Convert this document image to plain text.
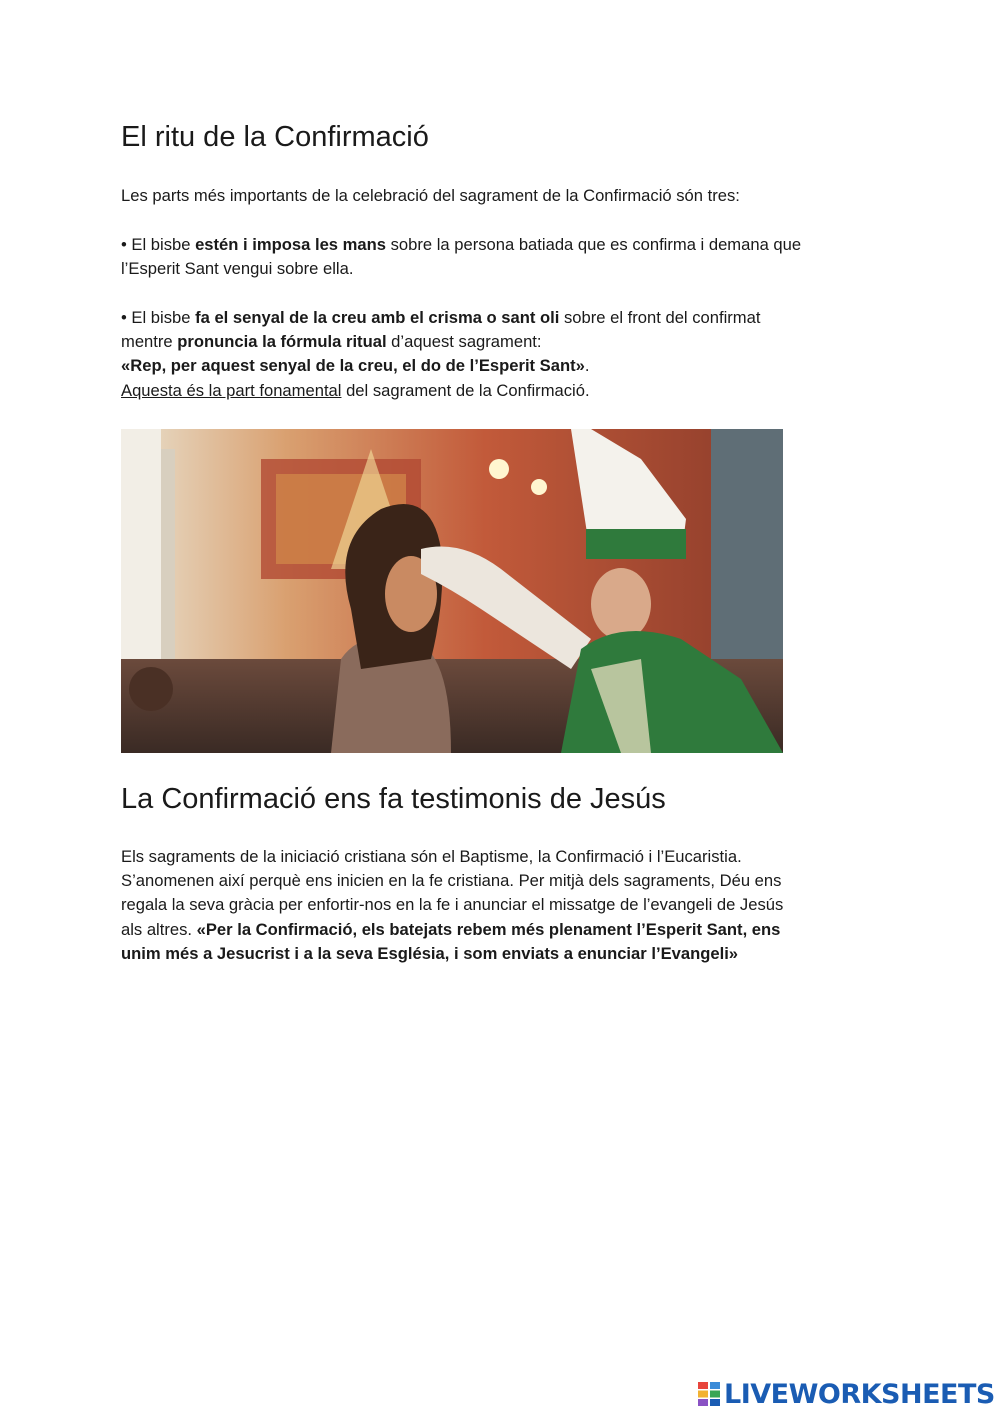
El ritu de la Confirmació

Les parts més importants de la celebració del sagrament de la Confirmació són tres:

• El bisbe estén i imposa les mans sobre la persona batiada que es confirma i demana que

l’Esperit Sant vengui sobre ella.

• El bisbe fa el senyal de la creu amb el crisma o sant oli sobre el front del confirmat

mentre pronuncia la fórmula ritual d’aquest sagrament:

«Rep, per aquest senyal de la creu, el do de l’Esperit Sant».

Aquesta és la part fonamental del sagrament de la Confirmació.

La Confirmació ens fa testimonis de Jesús

Els sagraments de la iniciació cristiana són el Baptisme, la Confirmació i l’Eucaristia.

S’anomenen així perquè ens inicien en la fe cristiana. Per mitjà dels sagraments, Déu ens

regala la seva gràcia per enfortir-nos en la fe i anunciar el missatge de l’evangeli de Jesús

als altres. «Per la Confirmació, els batejats rebem més plenament l’Esperit Sant, ens

unim més a Jesucrist i a la seva Església, i som enviats a enunciar l’Evangeli»

LIVEWORKSHEETS
